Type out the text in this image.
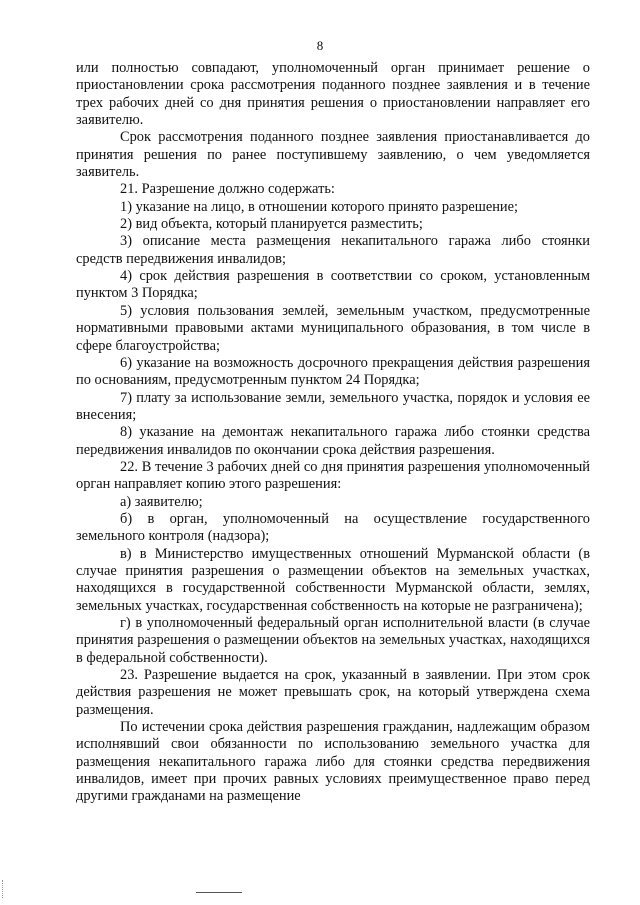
8

или полностью совпадают, уполномоченный орган принимает решение о приостановлении срока рассмотрения поданного позднее заявления и в течение трех рабочих дней со дня принятия решения о приостановлении направляет его заявителю.

Срок рассмотрения поданного позднее заявления приостанавливается до принятия решения по ранее поступившему заявлению, о чем уведомляется заявитель.

21. Разрешение должно содержать:

1) указание на лицо, в отношении которого принято разрешение;

2) вид объекта, который планируется разместить;

3) описание места размещения некапитального гаража либо стоянки средств передвижения инвалидов;

4) срок действия разрешения в соответствии со сроком, установленным пунктом 3 Порядка;

5) условия пользования землей, земельным участком, предусмотренные нормативными правовыми актами муниципального образования, в том числе в сфере благоустройства;

6) указание на возможность досрочного прекращения действия разрешения по основаниям, предусмотренным пунктом 24 Порядка;

7) плату за использование земли, земельного участка, порядок и условия ее внесения;

8) указание на демонтаж некапитального гаража либо стоянки средства передвижения инвалидов по окончании срока действия разрешения.

22. В течение 3 рабочих дней со дня принятия разрешения уполномоченный орган направляет копию этого разрешения:

а) заявителю;

б) в орган, уполномоченный на осуществление государственного земельного контроля (надзора);

в) в Министерство имущественных отношений Мурманской области (в случае принятия разрешения о размещении объектов на земельных участках, находящихся в государственной собственности Мурманской области, землях, земельных участках, государственная собственность на которые не разграничена);

г) в уполномоченный федеральный орган исполнительной власти (в случае принятия разрешения о размещении объектов на земельных участках, находящихся в федеральной собственности).

23. Разрешение выдается на срок, указанный в заявлении. При этом срок действия разрешения не может превышать срок, на который утверждена схема размещения.

По истечении срока действия разрешения гражданин, надлежащим образом исполнявший свои обязанности по использованию земельного участка для размещения некапитального гаража либо для стоянки средства передвижения инвалидов, имеет при прочих равных условиях преимущественное право перед другими гражданами на размещение
